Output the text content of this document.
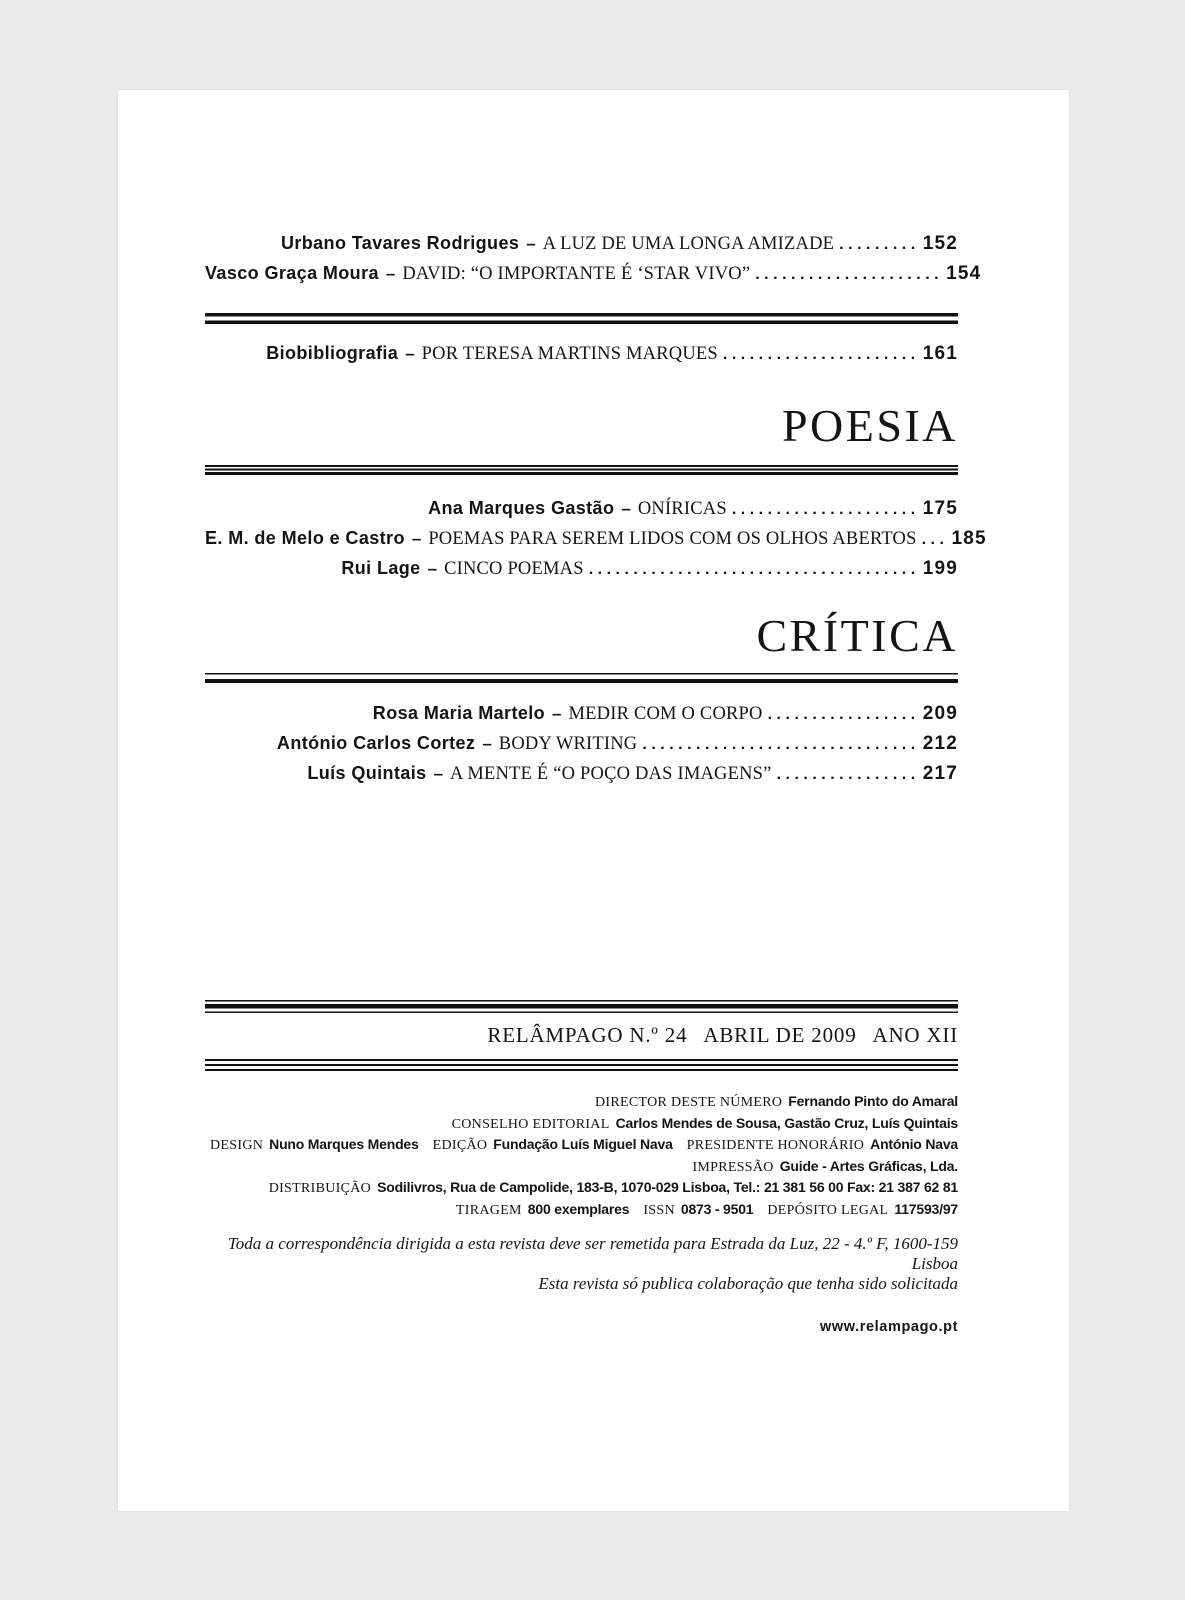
Urbano Tavares Rodrigues – A LUZ DE UMA LONGA AMIZADE ......... 152
Vasco Graça Moura – DAVID: “O IMPORTANTE É ‘STAR VIVO” ..................... 154
Biobibliografia – POR TERESA MARTINS MARQUES ...................... 161
POESIA
Ana Marques Gastão – ONÍRICAS ..................... 175
E. M. de Melo e Castro – POEMAS PARA SEREM LIDOS COM OS OLHOS ABERTOS ... 185
Rui Lage – CINCO POEMAS ..................................... 199
CRÍTICA
Rosa Maria Martelo – MEDIR COM O CORPO ................. 209
António Carlos Cortez – BODY WRITING ............................... 212
Luís Quintais – A MENTE É “O POÇO DAS IMAGENS” ................ 217
RELÂMPAGO N.º 24 ABRIL DE 2009 ANO XII
DIRECTOR DESTE NÚMERO Fernando Pinto do Amaral
CONSELHO EDITORIAL Carlos Mendes de Sousa, Gastão Cruz, Luís Quintais
DESIGN Nuno Marques Mendes EDIÇÃO Fundação Luís Miguel Nava PRESIDENTE HONORÁRIO António Nava
IMPRESSÃO Guide - Artes Gráficas, Lda.
DISTRIBUIÇÃO Sodilivros, Rua de Campolide, 183-B, 1070-029 Lisboa, Tel.: 21 381 56 00 Fax: 21 387 62 81
TIRAGEM 800 exemplares ISSN 0873 - 9501 DEPÓSITO LEGAL 117593/97
Toda a correspondência dirigida a esta revista deve ser remetida para Estrada da Luz, 22 - 4.º F, 1600-159 Lisboa
Esta revista só publica colaboração que tenha sido solicitada
www.relampago.pt
